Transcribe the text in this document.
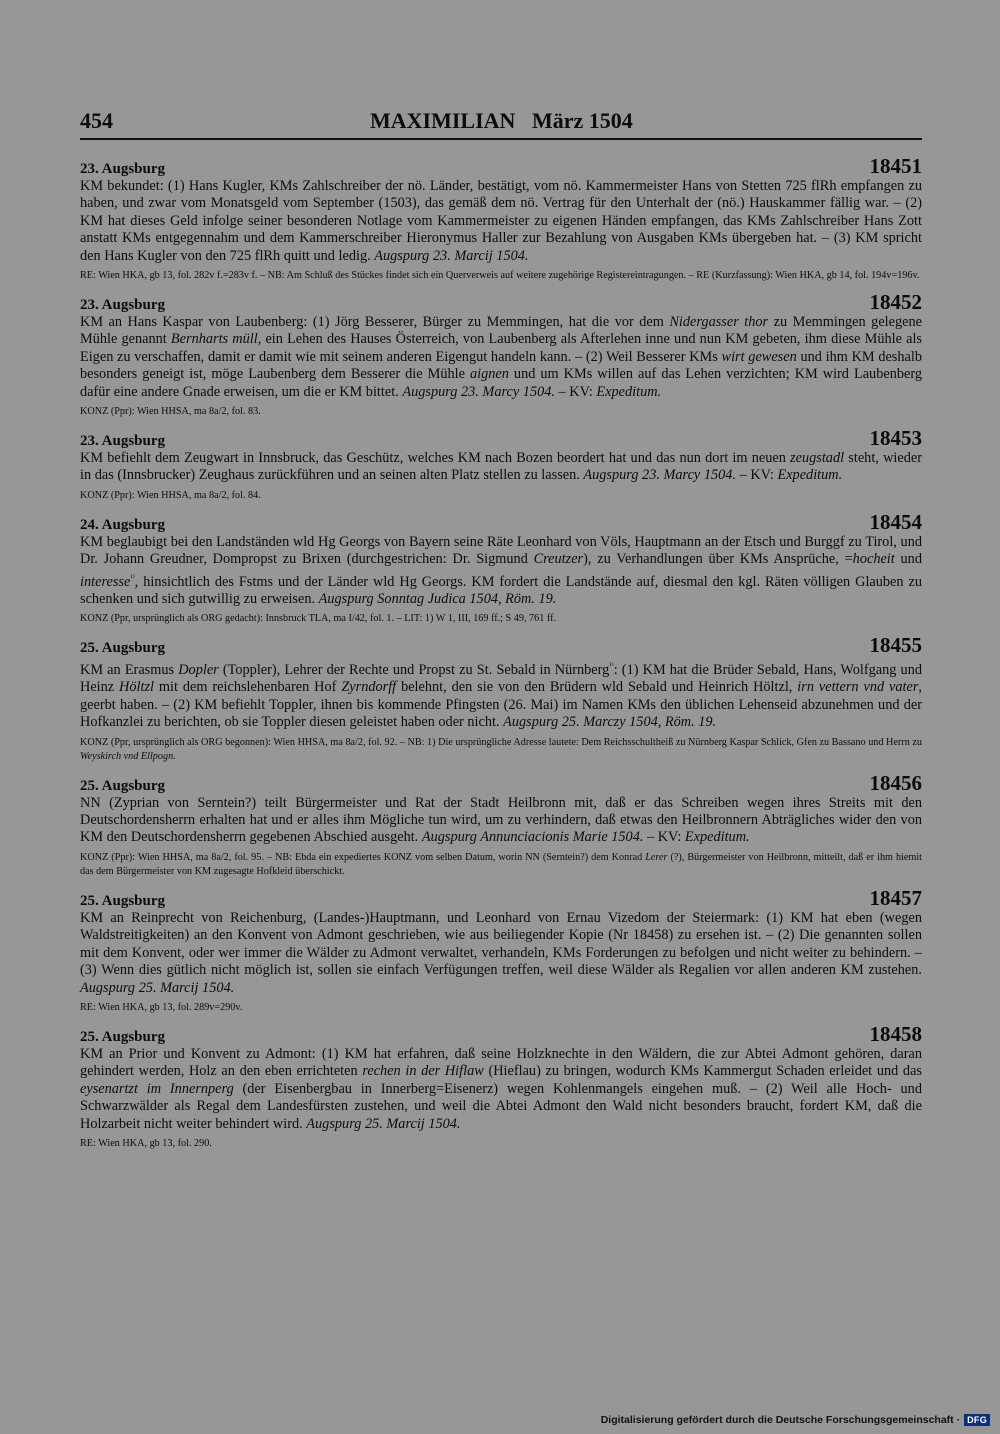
454	MAXIMILIAN   März 1504
23. Augsburg	18451
KM bekundet: (1) Hans Kugler, KMs Zahlschreiber der nö. Länder, bestätigt, vom nö. Kammermeister Hans von Stetten 725 flRh empfangen zu haben, und zwar vom Monatsgeld vom September (1503), das gemäß dem nö. Vertrag für den Unterhalt der (nö.) Hauskammer fällig war. – (2) KM hat dieses Geld infolge seiner besonderen Notlage vom Kammermeister zu eigenen Händen empfangen, das KMs Zahlschreiber Hans Zott anstatt KMs entgegennahm und dem Kammerschreiber Hieronymus Haller zur Bezahlung von Ausgaben KMs übergeben hat. – (3) KM spricht den Hans Kugler von den 725 flRh quitt und ledig. Augspurg 23. Marcij 1504.
RE: Wien HKA, gb 13, fol. 282v f.=283v f. – NB: Am Schluß des Stückes findet sich ein Querverweis auf weitere zugehörige Registereintragungen. – RE (Kurzfassung): Wien HKA, gb 14, fol. 194v=196v.
23. Augsburg	18452
KM an Hans Kaspar von Laubenberg: (1) Jörg Besserer, Bürger zu Memmingen, hat die vor dem Nidergasser thor zu Memmingen gelegene Mühle genannt Bernharts müll, ein Lehen des Hauses Österreich, von Laubenberg als Afterlehen inne und nun KM gebeten, ihm diese Mühle als Eigen zu verschaffen, damit er damit wie mit seinem anderen Eigengut handeln kann. – (2) Weil Besserer KMs wirt gewesen und ihm KM deshalb besonders geneigt ist, möge Laubenberg dem Besserer die Mühle aignen und um KMs willen auf das Lehen verzichten; KM wird Laubenberg dafür eine andere Gnade erweisen, um die er KM bittet. Augspurg 23. Marcy 1504. – KV: Expeditum.
KONZ (Ppr): Wien HHSA, ma 8a/2, fol. 83.
23. Augsburg	18453
KM befiehlt dem Zeugwart in Innsbruck, das Geschütz, welches KM nach Bozen beordert hat und das nun dort im neuen zeugstadl steht, wieder in das (Innsbrucker) Zeughaus zurückführen und an seinen alten Platz stellen zu lassen. Augspurg 23. Marcy 1504. – KV: Expeditum.
KONZ (Ppr): Wien HHSA, ma 8a/2, fol. 84.
24. Augsburg	18454
KM beglaubigt bei den Landständen wld Hg Georgs von Bayern seine Räte Leonhard von Völs, Hauptmann an der Etsch und Burggf zu Tirol, und Dr. Johann Greudner, Dompropst zu Brixen (durchgestrichen: Dr. Sigmund Creutzer), zu Verhandlungen über KMs Ansprüche, =hocheit und interesse$^{^{1)}}$, hinsichtlich des Fstms und der Länder wld Hg Georgs. KM fordert die Landstände auf, diesmal den kgl. Räten völligen Glauben zu schenken und sich gutwillig zu erweisen. Augspurg Sonntag Judica 1504, Röm. 19.
KONZ (Ppr, ursprünglich als ORG gedacht): Innsbruck TLA, ma I/42, fol. 1. – LIT: 1) W 1, III, 169 ff.; S 49, 761 ff.
25. Augsburg	18455
KM an Erasmus Dopler (Toppler), Lehrer der Rechte und Propst zu St. Sebald in Nürnberg$^{^{1)}}$: (1) KM hat die Brüder Sebald, Hans, Wolfgang und Heinz Höltzl mit dem reichslehenbaren Hof Zyrndorff belehnt, den sie von den Brüdern wld Sebald und Heinrich Höltzl, irn vettern vnd vater, geerbt haben. – (2) KM befiehlt Toppler, ihnen bis kommende Pfingsten (26. Mai) im Namen KMs den üblichen Lehenseid abzunehmen und der Hofkanzlei zu berichten, ob sie Toppler diesen geleistet haben oder nicht. Augspurg 25. Marczy 1504, Röm. 19.
KONZ (Ppr, ursprünglich als ORG begonnen): Wien HHSA, ma 8a/2, fol. 92. – NB: 1) Die ursprüngliche Adresse lautete: Dem Reichsschultheiß zu Nürnberg Kaspar Schlick, Gfen zu Bassano und Herrn zu Weyskirch vnd Ellpogn.
25. Augsburg	18456
NN (Zyprian von Serntein?) teilt Bürgermeister und Rat der Stadt Heilbronn mit, daß er das Schreiben wegen ihres Streits mit den Deutschordensherrn erhalten hat und er alles ihm Mögliche tun wird, um zu verhindern, daß etwas den Heilbronnern Abträgliches wider den von KM den Deutschordensherrn gegebenen Abschied ausgeht. Augspurg Annunciacionis Marie 1504. – KV: Expeditum.
KONZ (Ppr): Wien HHSA, ma 8a/2, fol. 95. – NB: Ebda ein expediertes KONZ vom selben Datum, worin NN (Serntein?) dem Konrad Lerer (?), Bürgermeister von Heilbronn, mitteilt, daß er ihm hiemit das dem Bürgermeister von KM zugesagte Hofkleid überschickt.
25. Augsburg	18457
KM an Reinprecht von Reichenburg, (Landes-)Hauptmann, und Leonhard von Ernau Vizedom der Steiermark: (1) KM hat eben (wegen Waldstreitigkeiten) an den Konvent von Admont geschrieben, wie aus beiliegender Kopie (Nr 18458) zu ersehen ist. – (2) Die genannten sollen mit dem Konvent, oder wer immer die Wälder zu Admont verwaltet, verhandeln, KMs Forderungen zu befolgen und nicht weiter zu behindern. – (3) Wenn dies gütlich nicht möglich ist, sollen sie einfach Verfügungen treffen, weil diese Wälder als Regalien vor allen anderen KM zustehen. Augspurg 25. Marcij 1504.
RE: Wien HKA, gb 13, fol. 289v=290v.
25. Augsburg	18458
KM an Prior und Konvent zu Admont: (1) KM hat erfahren, daß seine Holzknechte in den Wäldern, die zur Abtei Admont gehören, daran gehindert werden, Holz an den eben errichteten rechen in der Hiflaw (Hieflau) zu bringen, wodurch KMs Kammergut Schaden erleidet und das eysenartzt im Innernperg (der Eisenbergbau in Innerberg=Eisenerz) wegen Kohlenmangels eingehen muß. – (2) Weil alle Hoch- und Schwarzwälder als Regal dem Landesfürsten zustehen, und weil die Abtei Admont den Wald nicht besonders braucht, fordert KM, daß die Holzarbeit nicht weiter behindert wird. Augspurg 25. Marcij 1504.
RE: Wien HKA, gb 13, fol. 290.
Digitalisierung gefördert durch die Deutsche Forschungsgemeinschaft · DFG
